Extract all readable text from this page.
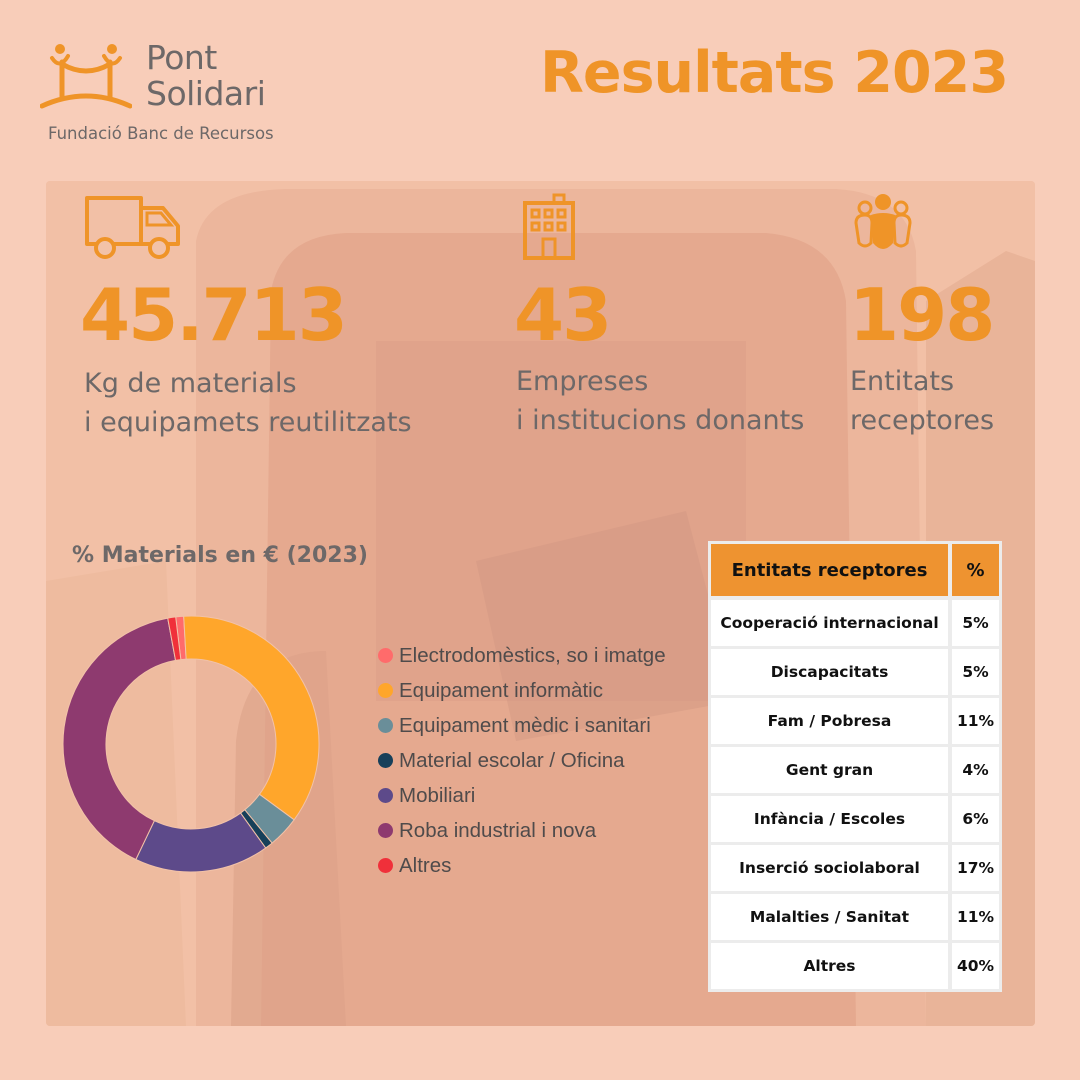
Pont
Solidari
Fundació Banc de Recursos
Resultats 2023
45.713
Kg de materials
i equipamets reutilitzats
43
Empreses
i institucions donants
198
Entitats
receptores
% Materials en € (2023)
Electrodomèstics, so i imatge
Equipament informàtic
Equipament mèdic i sanitari
Material escolar / Oficina
Mobiliari
Roba industrial i nova
Altres
Entitats receptores	%
Cooperació internacional	5%
Discapacitats	5%
Fam / Pobresa	11%
Gent gran	4%
Infància / Escoles	6%
Inserció sociolaboral	17%
Malalties / Sanitat	11%
Altres	40%
